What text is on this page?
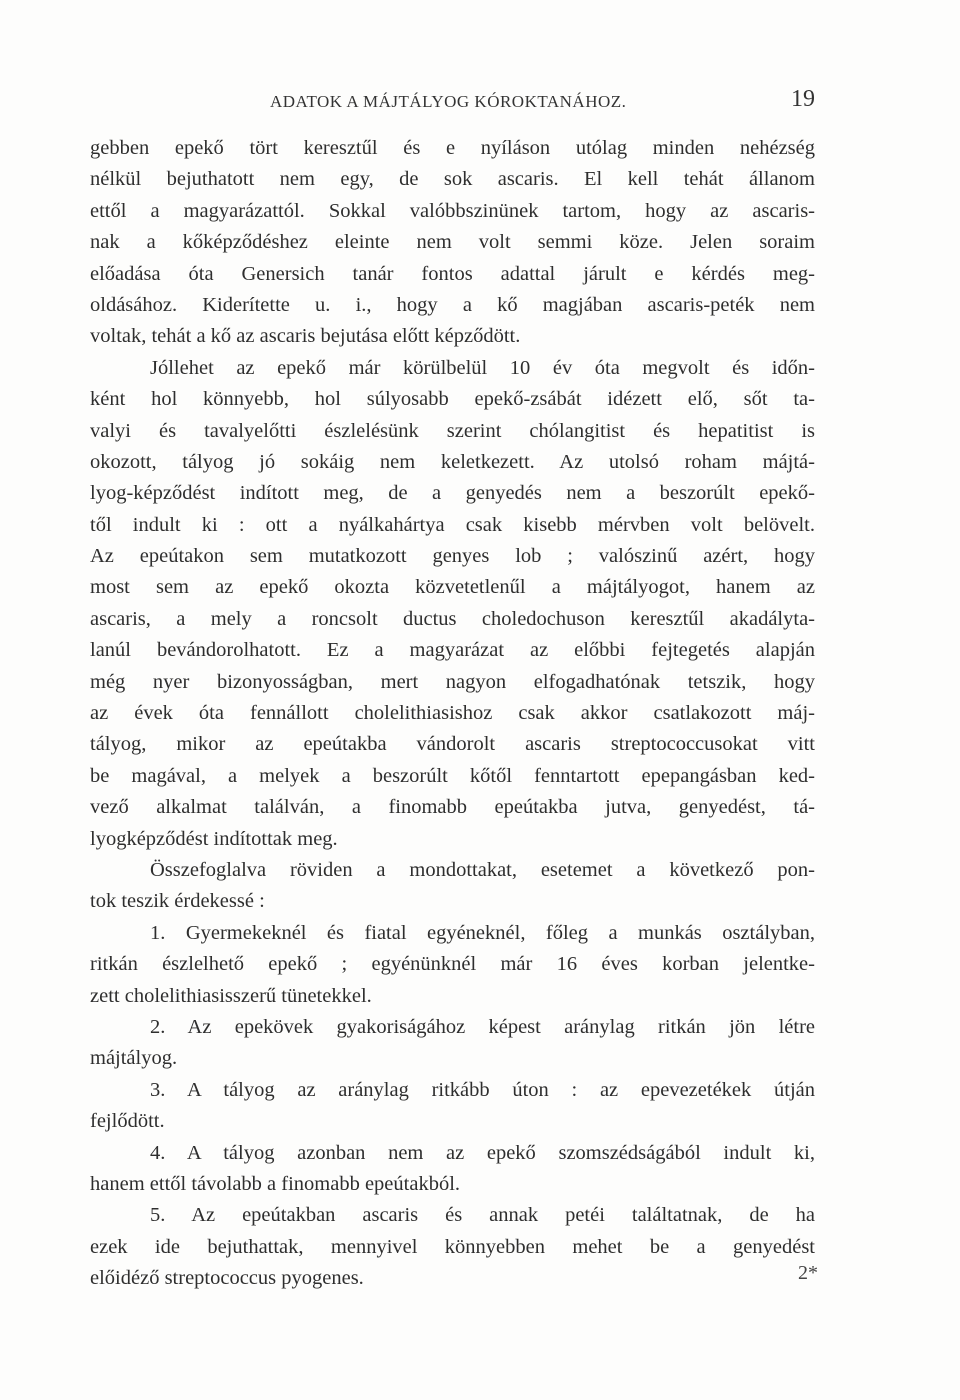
ADATOK A MÁJTÁLYOG KÓROKTANÁHOZ.	19
gebben epekő tört keresztűl és e nyíláson utólag minden nehézség
nélkül bejuthatott nem egy, de sok ascaris. El kell tehát állanom
ettől a magyarázattól. Sokkal valóbbszinünek tartom, hogy az ascaris-
nak a kőképződéshez eleinte nem volt semmi köze. Jelen soraim
előadása óta Genersich tanár fontos adattal járult e kérdés meg-
oldásához. Kiderítette u. i., hogy a kő magjában ascaris-peték nem
voltak, tehát a kő az ascaris bejutása előtt képződött.
Jóllehet az epekő már körülbelül 10 év óta megvolt és időn-
ként hol könnyebb, hol súlyosabb epekő-zsábát idézett elő, sőt ta-
valyi és tavalyelőtti észlelésünk szerint chólangitist és hepatitist is
okozott, tályog jó sokáig nem keletkezett. Az utolsó roham májtá-
lyog-képződést indított meg, de a genyedés nem a beszorúlt epekő-
től indult ki : ott a nyálkahártya csak kisebb mérvben volt belövelt.
Az epeútakon sem mutatkozott genyes lob ; valószinű azért, hogy
most sem az epekő okozta közvetetlenűl a májtályogot, hanem az
ascaris, a mely a roncsolt ductus choledochuson keresztűl akadályta-
lanúl bevándorolhatott. Ez a magyarázat az előbbi fejtegetés alapján
még nyer bizonyosságban, mert nagyon elfogadhatónak tetszik, hogy
az évek óta fennállott cholelithiasishoz csak akkor csatlakozott máj-
tályog, mikor az epeútakba vándorolt ascaris streptococcusokat vitt
be magával, a melyek a beszorúlt kőtől fenntartott epepangásban ked-
vező alkalmat találván, a finomabb epeútakba jutva, genyedést, tá-
lyogképződést indítottak meg.
Összefoglalva röviden a mondottakat, esetemet a következő pon-
tok teszik érdekessé :
1. Gyermekeknél és fiatal egyéneknél, főleg a munkás osztályban,
ritkán észlelhető epekő ; egyénünknél már 16 éves korban jelentke-
zett cholelithiasisszerű tünetekkel.
2. Az epekövek gyakoriságához képest aránylag ritkán jön létre
májtályog.
3. A tályog az aránylag ritkább úton : az epevezetékek útján
fejlődött.
4. A tályog azonban nem az epekő szomszédságából indult ki,
hanem ettől távolabb a finomabb epeútakból.
5. Az epeútakban ascaris és annak petéi találtatnak, de ha
ezek ide bejuthattak, mennyivel könnyebben mehet be a genyedést
előidéző streptococcus pyogenes.	2*
